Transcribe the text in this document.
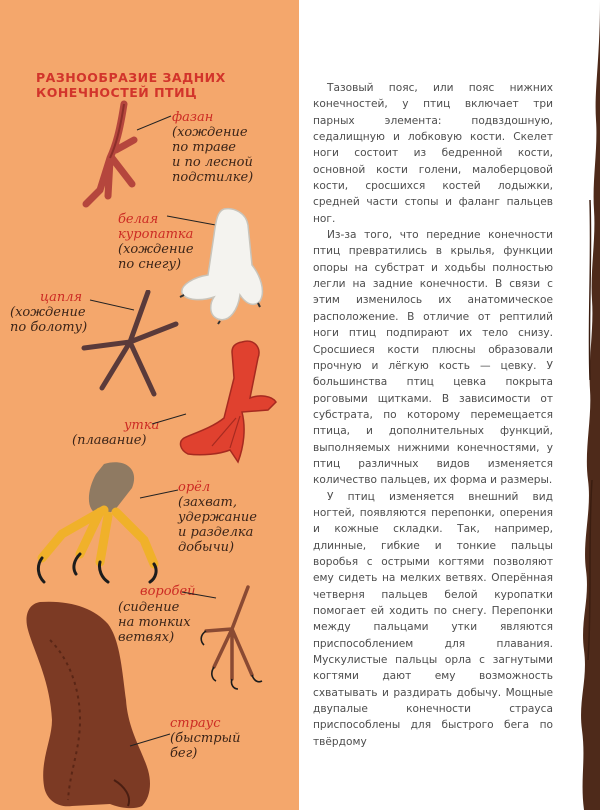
РАЗНООБРАЗИЕ ЗАДНИХ
КОНЕЧНОСТЕЙ ПТИЦ
фазан
(хождение
по траве
и по лесной
подстилке)
белая
куропатка
(хождение
по снегу)
цапля
(хождение
по болоту)
утка
(плавание)
орёл
(захват,
удержание
и разделка
добычи)
воробей
(сидение
на тонких
ветвях)
страус
(быстрый
бег)

Тазовый пояс, или пояс нижних конечностей, у птиц включает три парных элемента: подвздошную, седалищную и лобковую кости. Скелет ноги состоит из бедренной кости, основной кости голени, малоберцовой кости, сросшихся костей лодыжки, средней части стопы и фаланг пальцев ног.

Из-за того, что передние конечности птиц превратились в крылья, функции опоры на субстрат и ходьбы полностью легли на задние конечности. В связи с этим изменилось их анатомическое расположение. В отличие от рептилий ноги птиц подпирают их тело снизу. Сросшиеся кости плюсны образовали прочную и лёгкую кость — цевку. У большинства птиц цевка покрыта роговыми щитками. В зависимости от субстрата, по которому перемещается птица, и дополнительных функций, выполняемых нижними конечностями, у птиц различных видов изменяется количество пальцев, их форма и размеры.

У птиц изменяется внешний вид ногтей, появляются перепонки, оперения и кожные складки. Так, например, длинные, гибкие и тонкие пальцы воробья с острыми когтями позволяют ему сидеть на мелких ветвях. Оперённая четверня пальцев белой куропатки помогает ей ходить по снегу. Перепонки между пальцами утки являются приспособлением для плавания. Мускулистые пальцы орла с загнутыми когтями дают ему возможность схватывать и раздирать добычу. Мощные двупалые конечности страуса приспособлены для быстрого бега по твёрдому
